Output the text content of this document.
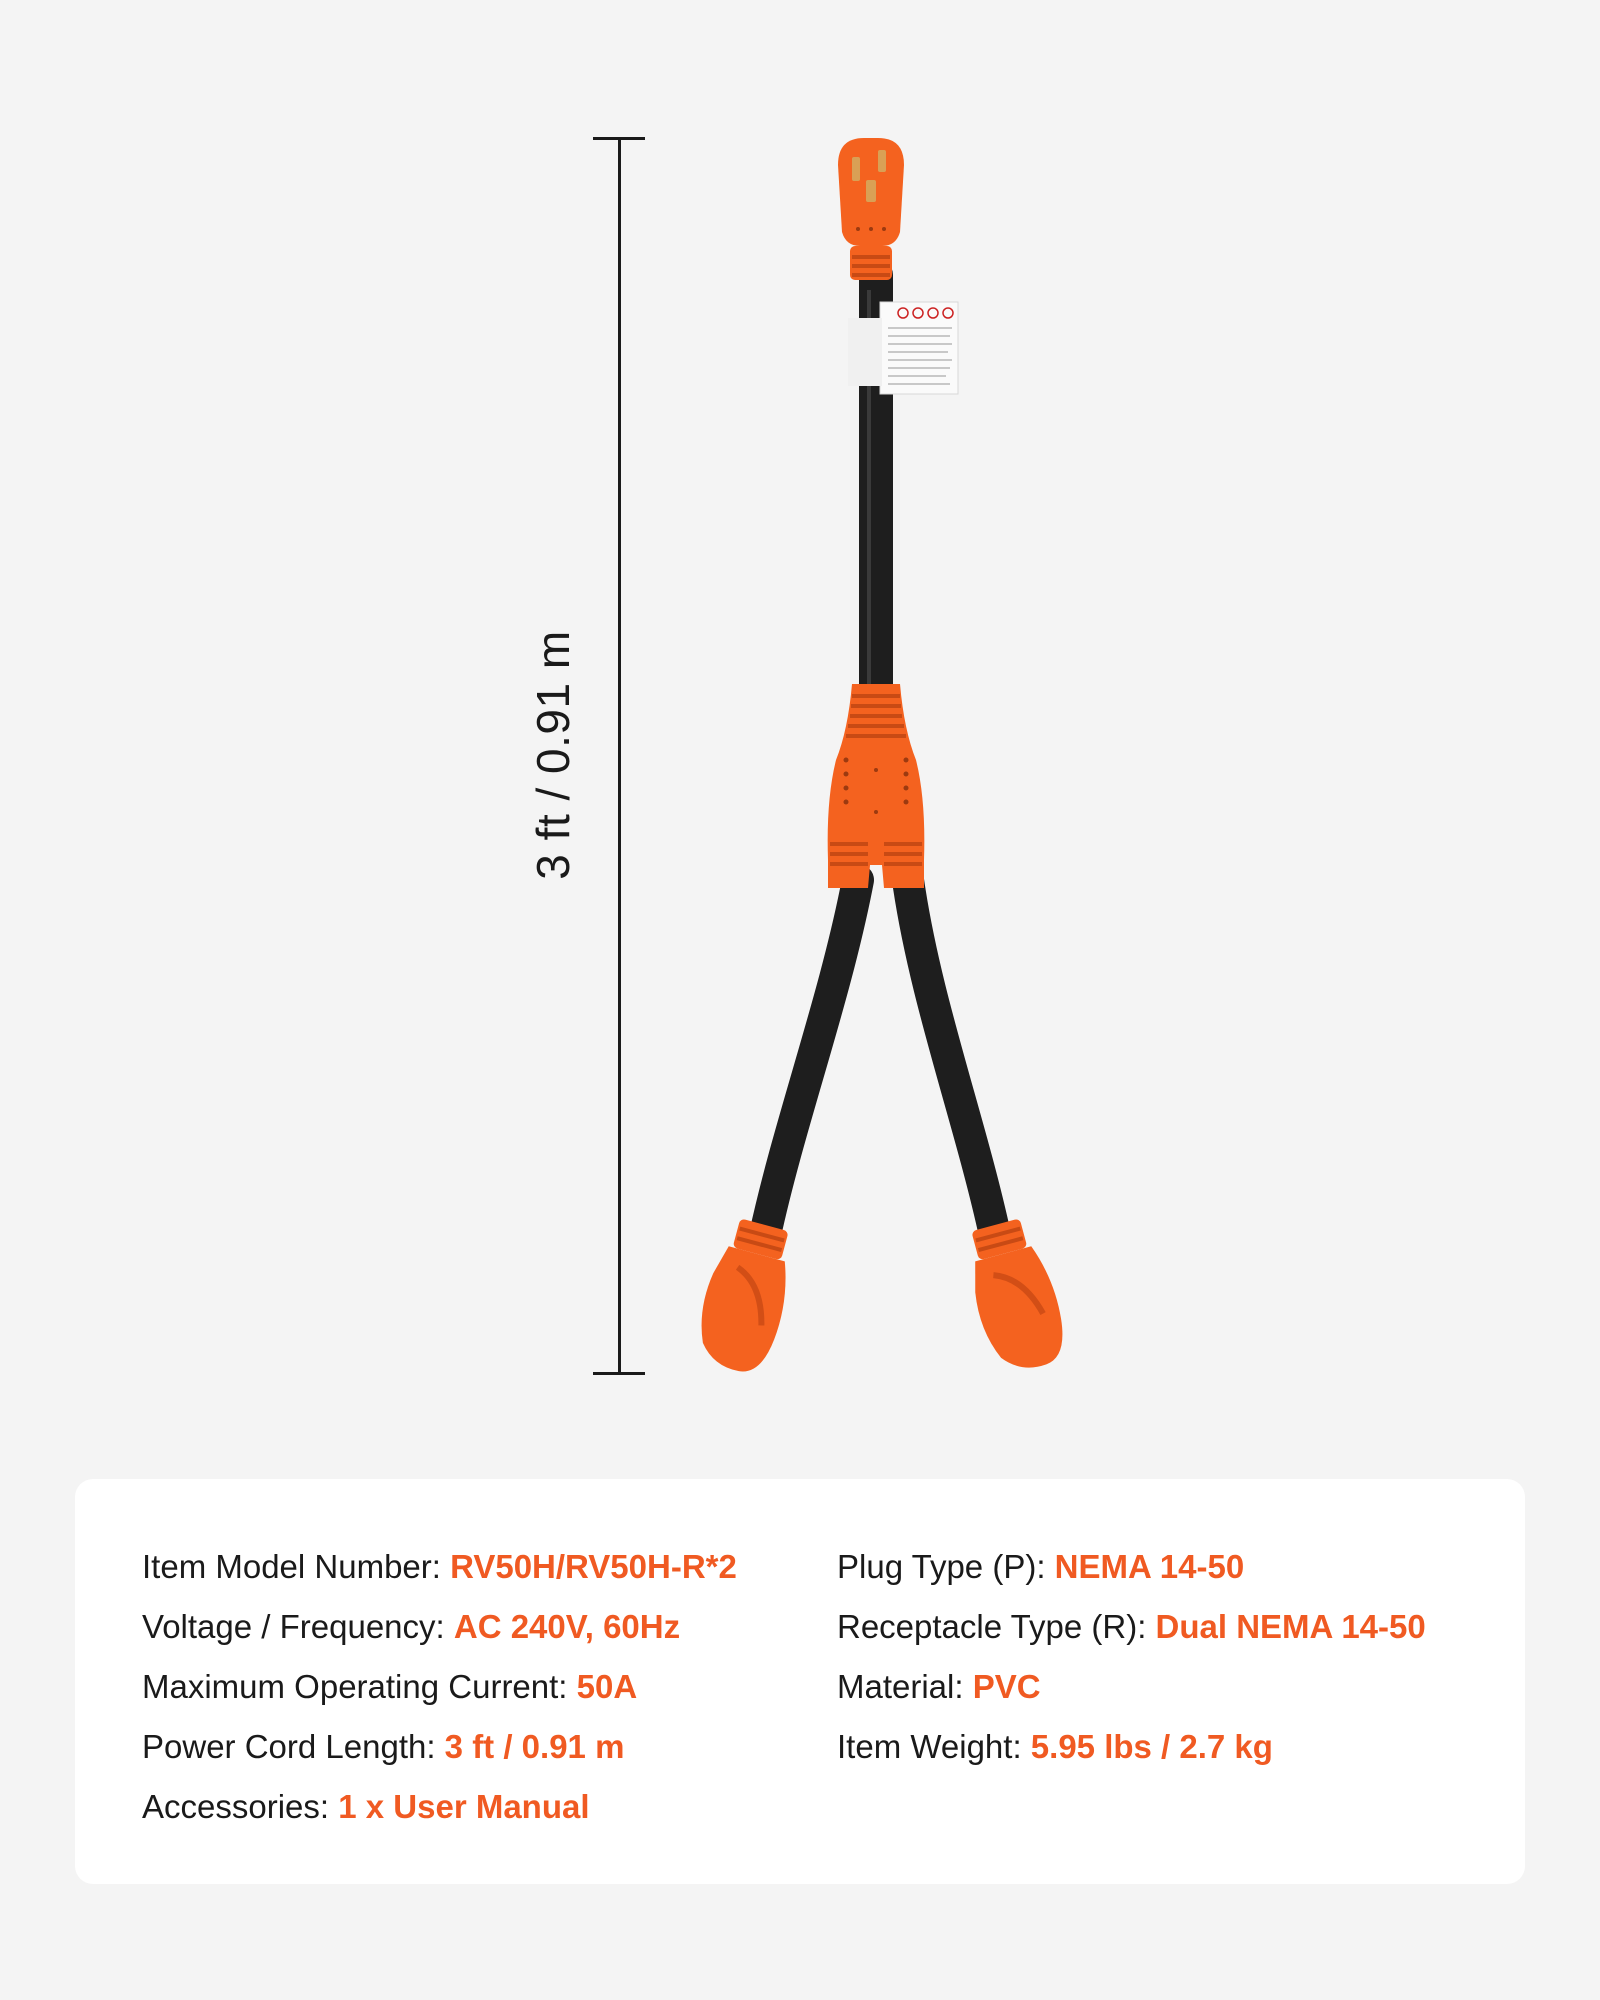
3 ft / 0.91 m
Item Model Number: RV50H/RV50H-R*2
Voltage / Frequency: AC 240V, 60Hz
Maximum Operating Current: 50A
Power Cord Length: 3 ft / 0.91 m
Accessories: 1 x User Manual
Plug Type (P): NEMA 14-50
Receptacle Type (R): Dual NEMA 14-50
Material: PVC
Item Weight: 5.95 lbs / 2.7 kg
